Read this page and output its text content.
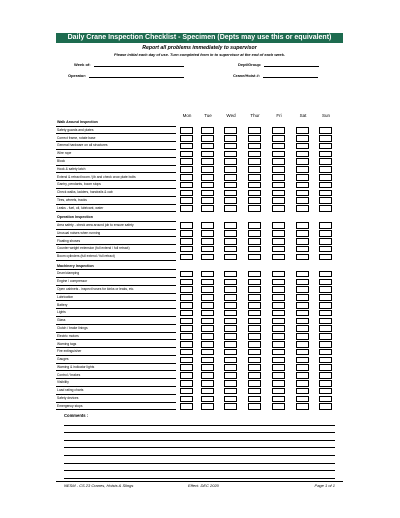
Daily Crane Inspection Checklist - Specimen (Depts may use this or equivalent)
Report all problems immediately to supervisor
Please initial each day of use. Turn completed form in to supervisor at the end of each week.
Week of:	Dept/Group:
Operator:	Crane/Hoist #:
Mon	Tue	Wed	Thur	Fri	Sat	Sun
Walk Around Inspection
Safety guards and plates
Correct frame, rotate base
General hardware on all structures
Wire rope
Block
Hook & safety latch
Extend & retract boom / jib and check crow plate bolts
Gantry, pendants, boom stops
Check walks, ladders, handrails & cab
Tires, wheels, tracks
Leaks - fuel, oil, lubricant, water
Operation Inspection
Area safety - check area around job to ensure safety
Unusual noises when running
Floating shoses
Counter weight extension (full extend / full retract)
Boom cylinders (full extend / full retract)
Machinery Inspection
Drum/clamping
Engine / compressor
Open cabinets - inspect hoses for kinks or leaks, etc.
Lubrication
Battery
Lights
Glass
Clutch / brake linings
Electric motors
Warning tags
Fire extinguisher
Gauges
Warning & indicator lights
Control / brakes
Visibility
Load rating charts
Safety devices
Emergency stops
Comments :
NESM - CS 23 Cranes, Hoists & Slings	Effect. DEC 2020	Page 1 of 1
